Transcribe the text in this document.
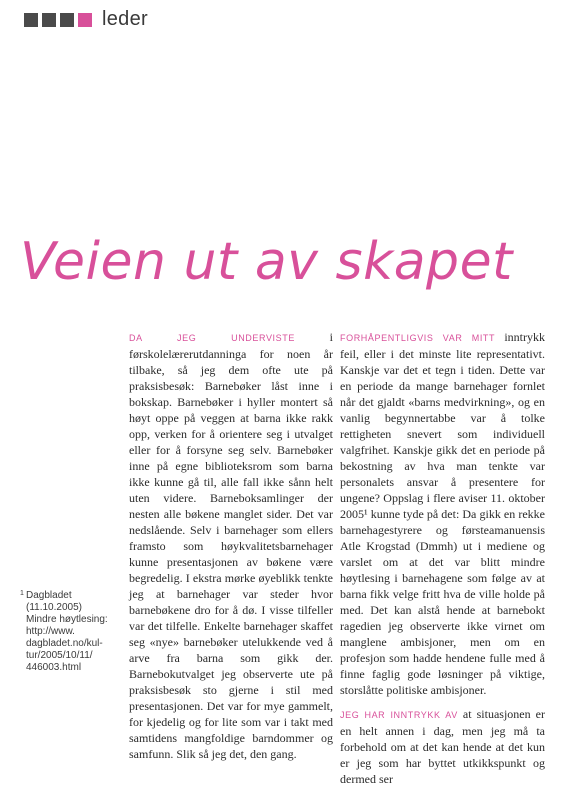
leder
Veien ut av skapet

DA JEG UNDERVISTE i førskolelærerutdanninga for noen år tilbake, så jeg dem ofte ute på praksisbesøk: Barnebøker låst inne i bokskap. Barnebøker i hyller montert så høyt oppe på veggen at barna ikke rakk opp, verken for å orientere seg i utvalget eller for å forsyne seg selv. Barnebøker inne på egne biblioteksrom som barna ikke kunne gå til, alle fall ikke sånn helt uten videre. Barneboksamlinger der nesten alle bøkene manglet sider. Det var nedslående. Selv i barnehager som ellers framsto som høykvalitetsbarnehager kunne presentasjonen av bøkene være begredelig. I ekstra mørke øyeblikk tenkte jeg at barnehager var steder hvor barnebøkene dro for å dø. I visse tilfeller var det tilfelle. Enkelte barnehager skaffet seg «nye» barnebøker utelukkende ved å arve fra barna som gikk der. Barnebokutvalget jeg observerte ute på praksisbesøk sto gjerne i stil med presentasjonen. Det var for mye gammelt, for kjedelig og for lite som var i takt med samtidens mangfoldige barndommer og samfunn. Slik så jeg det, den gang.

FORHÅPENTLIGVIS VAR MITT inntrykk feil, eller i det minste lite representativt. Kanskje var det et tegn i tiden. Dette var en periode da mange barnehager fornlet når det gjaldt «barns medvirkning», og en vanlig begynnertabbe var å tolke rettigheten snevert som individuell valgfrihet. Kanskje gikk det en periode på bekostning av hva man tenkte var personalets ansvar å presentere for ungene? Oppslag i flere aviser 11. oktober 2005¹ kunne tyde på det: Da gikk en rekke barnehagestyrere og førsteamanuensis Atle Krogstad (Dmmh) ut i mediene og varslet om at det var blitt mindre høytlesing i barnehagene som følge av at barna fikk velge fritt hva de ville holde på med. Det kan alstå hende at barnebokt ragedien jeg observerte ikke virnet om manglene ambisjoner, men om en profesjon som hadde hendene fulle med å finne faglig gode løsninger på viktige, storslåtte politiske ambisjoner.

JEG HAR INNTRYKK AV at situasjonen er en helt annen i dag, men jeg må ta forbehold om at det kan hende at det kun er jeg som har byttet utkikkspunkt og dermed ser

1 Dagbladet
(11.10.2005)
Mindre høytlesing:
http://www.
dagbladet.no/kul-
tur/2005/10/11/
446003.html
